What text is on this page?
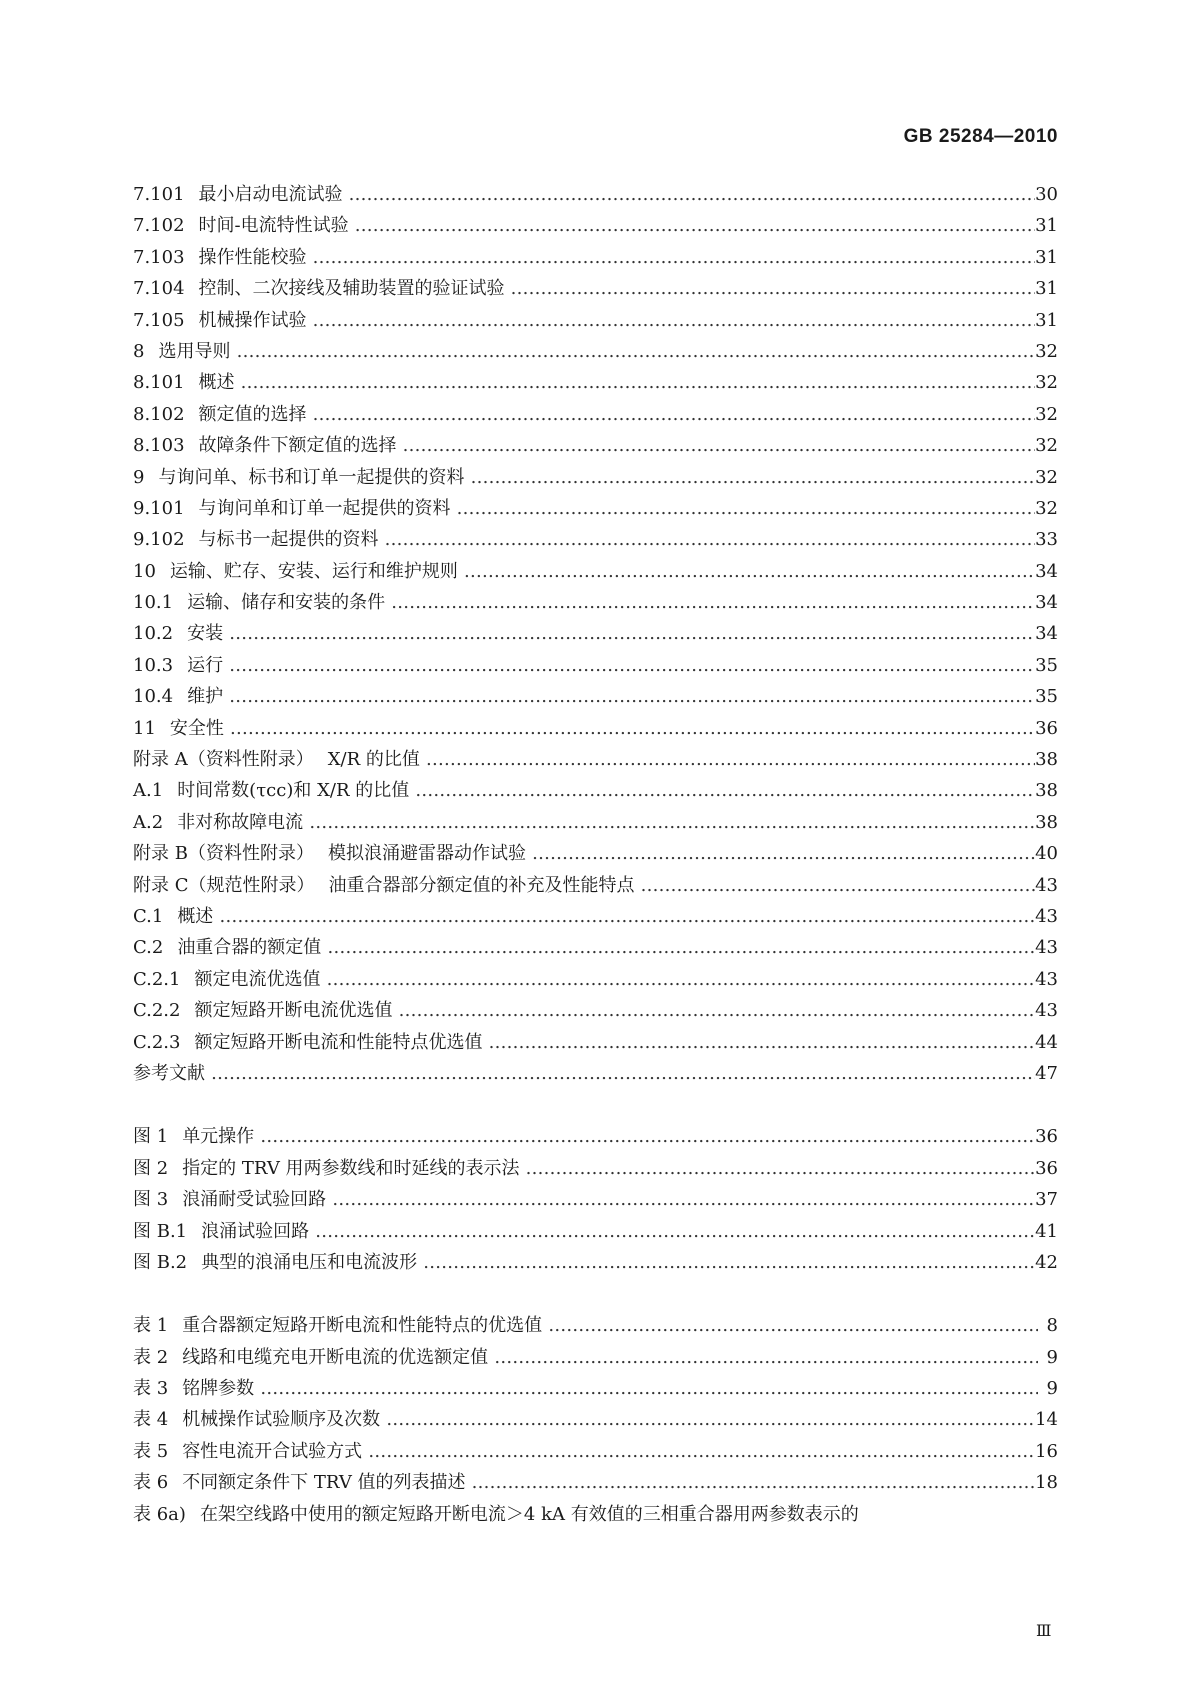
GB 25284—2010
7.101 最小启动电流试验 ………………………………………………………………………………………………………………………………………………………………………………………………………………	30
7.102 时间-电流特性试验 ………………………………………………………………………………………………………………………………………………………………………………………………………………	31
7.103 操作性能校验 ………………………………………………………………………………………………………………………………………………………………………………………………………………	31
7.104 控制、二次接线及辅助装置的验证试验 ………………………………………………………………………………………………………………………………………………………………………………………………………………	31
7.105 机械操作试验 ………………………………………………………………………………………………………………………………………………………………………………………………………………	31
8 选用导则 ………………………………………………………………………………………………………………………………………………………………………………………………………………	32
8.101 概述 ………………………………………………………………………………………………………………………………………………………………………………………………………………	32
8.102 额定值的选择 ………………………………………………………………………………………………………………………………………………………………………………………………………………	32
8.103 故障条件下额定值的选择 ………………………………………………………………………………………………………………………………………………………………………………………………………………	32
9 与询问单、标书和订单一起提供的资料 ………………………………………………………………………………………………………………………………………………………………………………………………………………	32
9.101 与询问单和订单一起提供的资料 ………………………………………………………………………………………………………………………………………………………………………………………………………………	32
9.102 与标书一起提供的资料 ………………………………………………………………………………………………………………………………………………………………………………………………………………	33
10 运输、贮存、安装、运行和维护规则 ………………………………………………………………………………………………………………………………………………………………………………………………………………	34
10.1 运输、储存和安装的条件 ………………………………………………………………………………………………………………………………………………………………………………………………………………	34
10.2 安装 ………………………………………………………………………………………………………………………………………………………………………………………………………………	34
10.3 运行 ………………………………………………………………………………………………………………………………………………………………………………………………………………	35
10.4 维护 ………………………………………………………………………………………………………………………………………………………………………………………………………………	35
11 安全性 ………………………………………………………………………………………………………………………………………………………………………………………………………………	36
附录 A（资料性附录） X/R 的比值 ………………………………………………………………………………………………………………………………………………………………………………………………………………	38
A.1 时间常数(τcc)和 X/R 的比值 ………………………………………………………………………………………………………………………………………………………………………………………………………………	38
A.2 非对称故障电流 ………………………………………………………………………………………………………………………………………………………………………………………………………………	38
附录 B（资料性附录） 模拟浪涌避雷器动作试验 ………………………………………………………………………………………………………………………………………………………………………………………………………………	40
附录 C（规范性附录） 油重合器部分额定值的补充及性能特点 ………………………………………………………………………………………………………………………………………………………………………………………………………………	43
C.1 概述 ………………………………………………………………………………………………………………………………………………………………………………………………………………	43
C.2 油重合器的额定值 ………………………………………………………………………………………………………………………………………………………………………………………………………………	43
C.2.1 额定电流优选值 ………………………………………………………………………………………………………………………………………………………………………………………………………………	43
C.2.2 额定短路开断电流优选值 ………………………………………………………………………………………………………………………………………………………………………………………………………………	43
C.2.3 额定短路开断电流和性能特点优选值 ………………………………………………………………………………………………………………………………………………………………………………………………………………	44
参考文献 ………………………………………………………………………………………………………………………………………………………………………………………………………………	47
图 1 单元操作 ………………………………………………………………………………………………………………………………………………………………………………………………………………	36
图 2 指定的 TRV 用两参数线和时延线的表示法 ………………………………………………………………………………………………………………………………………………………………………………………………………………	36
图 3 浪涌耐受试验回路 ………………………………………………………………………………………………………………………………………………………………………………………………………………	37
图 B.1 浪涌试验回路 ………………………………………………………………………………………………………………………………………………………………………………………………………………	41
图 B.2 典型的浪涌电压和电流波形 ………………………………………………………………………………………………………………………………………………………………………………………………………………	42
表 1 重合器额定短路开断电流和性能特点的优选值 ………………………………………………………………………………………………………………………………………………………………………………………………………………	8
表 2 线路和电缆充电开断电流的优选额定值 ………………………………………………………………………………………………………………………………………………………………………………………………………………	9
表 3 铭牌参数 ………………………………………………………………………………………………………………………………………………………………………………………………………………	9
表 4 机械操作试验顺序及次数 ………………………………………………………………………………………………………………………………………………………………………………………………………………	14
表 5 容性电流开合试验方式 ………………………………………………………………………………………………………………………………………………………………………………………………………………	16
表 6 不同额定条件下 TRV 值的列表描述 ………………………………………………………………………………………………………………………………………………………………………………………………………………	18
表 6a) 在架空线路中使用的额定短路开断电流＞4 kA 有效值的三相重合器用两参数表示的
Ⅲ
